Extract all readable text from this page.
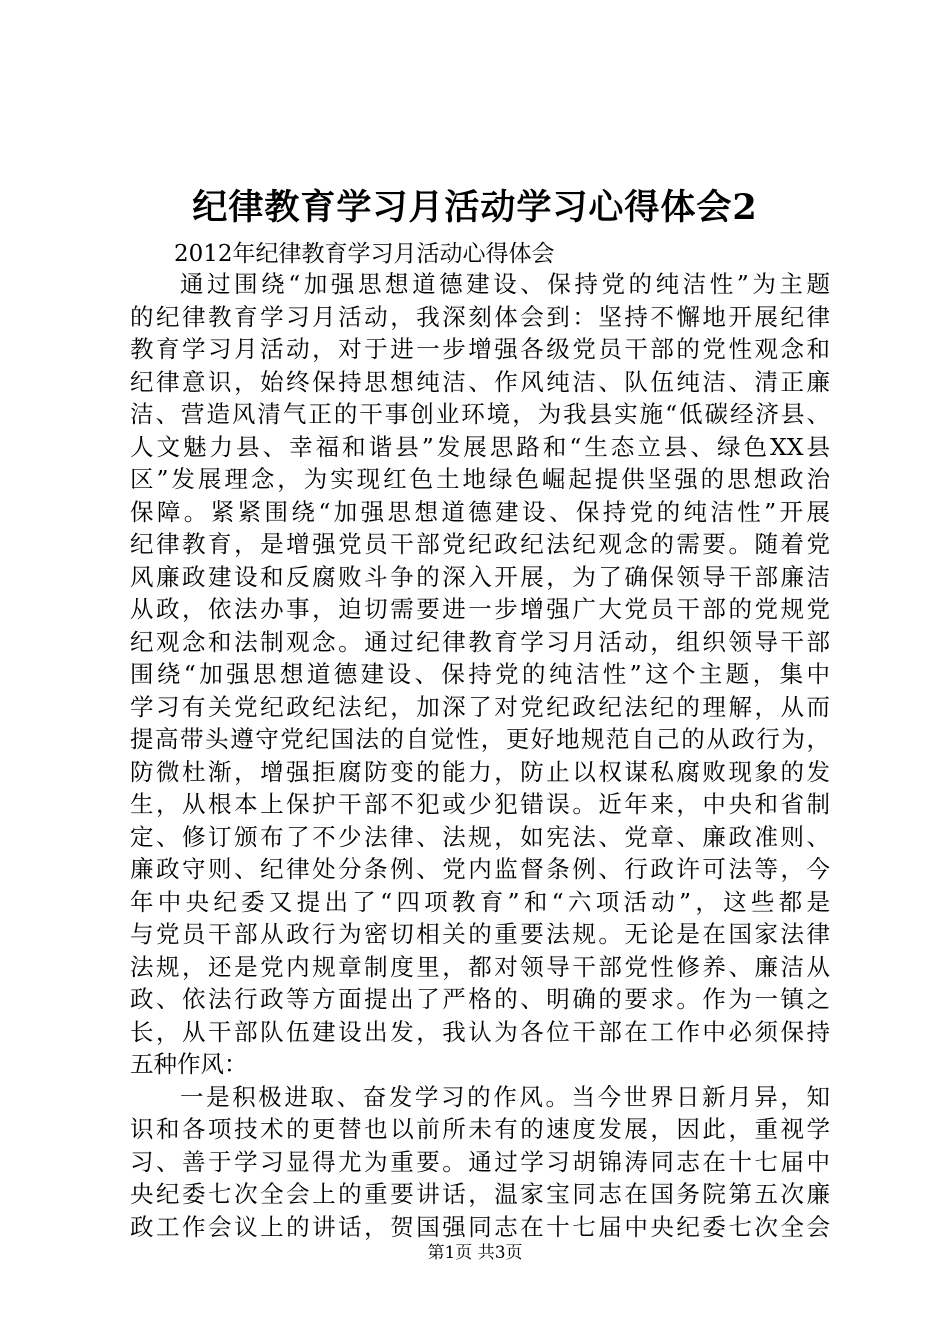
纪律教育学习月活动学习心得体会2
2012年纪律教育学习月活动心得体会
通过围绕“加强思想道德建设、保持党的纯洁性”为主题
的纪律教育学习月活动，我深刻体会到：坚持不懈地开展纪律
教育学习月活动，对于进一步增强各级党员干部的党性观念和
纪律意识，始终保持思想纯洁、作风纯洁、队伍纯洁、清正廉
洁、营造风清气正的干事创业环境，为我县实施“低碳经济县、
人文魅力县、幸福和谐县”发展思路和“生态立县、绿色XX县
区”发展理念，为实现红色土地绿色崛起提供坚强的思想政治
保障。紧紧围绕“加强思想道德建设、保持党的纯洁性”开展
纪律教育，是增强党员干部党纪政纪法纪观念的需要。随着党
风廉政建设和反腐败斗争的深入开展，为了确保领导干部廉洁
从政，依法办事，迫切需要进一步增强广大党员干部的党规党
纪观念和法制观念。通过纪律教育学习月活动，组织领导干部
围绕“加强思想道德建设、保持党的纯洁性”这个主题，集中
学习有关党纪政纪法纪，加深了对党纪政纪法纪的理解，从而
提高带头遵守党纪国法的自觉性，更好地规范自己的从政行为，
防微杜渐，增强拒腐防变的能力，防止以权谋私腐败现象的发
生，从根本上保护干部不犯或少犯错误。近年来，中央和省制
定、修订颁布了不少法律、法规，如宪法、党章、廉政准则、
廉政守则、纪律处分条例、党内监督条例、行政许可法等，今
年中央纪委又提出了“四项教育”和“六项活动”，这些都是
与党员干部从政行为密切相关的重要法规。无论是在国家法律
法规，还是党内规章制度里，都对领导干部党性修养、廉洁从
政、依法行政等方面提出了严格的、明确的要求。作为一镇之
长，从干部队伍建设出发，我认为各位干部在工作中必须保持
五种作风：
一是积极进取、奋发学习的作风。当今世界日新月异，知
识和各项技术的更替也以前所未有的速度发展，因此，重视学
习、善于学习显得尤为重要。通过学习胡锦涛同志在十七届中
央纪委七次全会上的重要讲话，温家宝同志在国务院第五次廉
政工作会议上的讲话，贺国强同志在十七届中央纪委七次全会
第1页 共3页
